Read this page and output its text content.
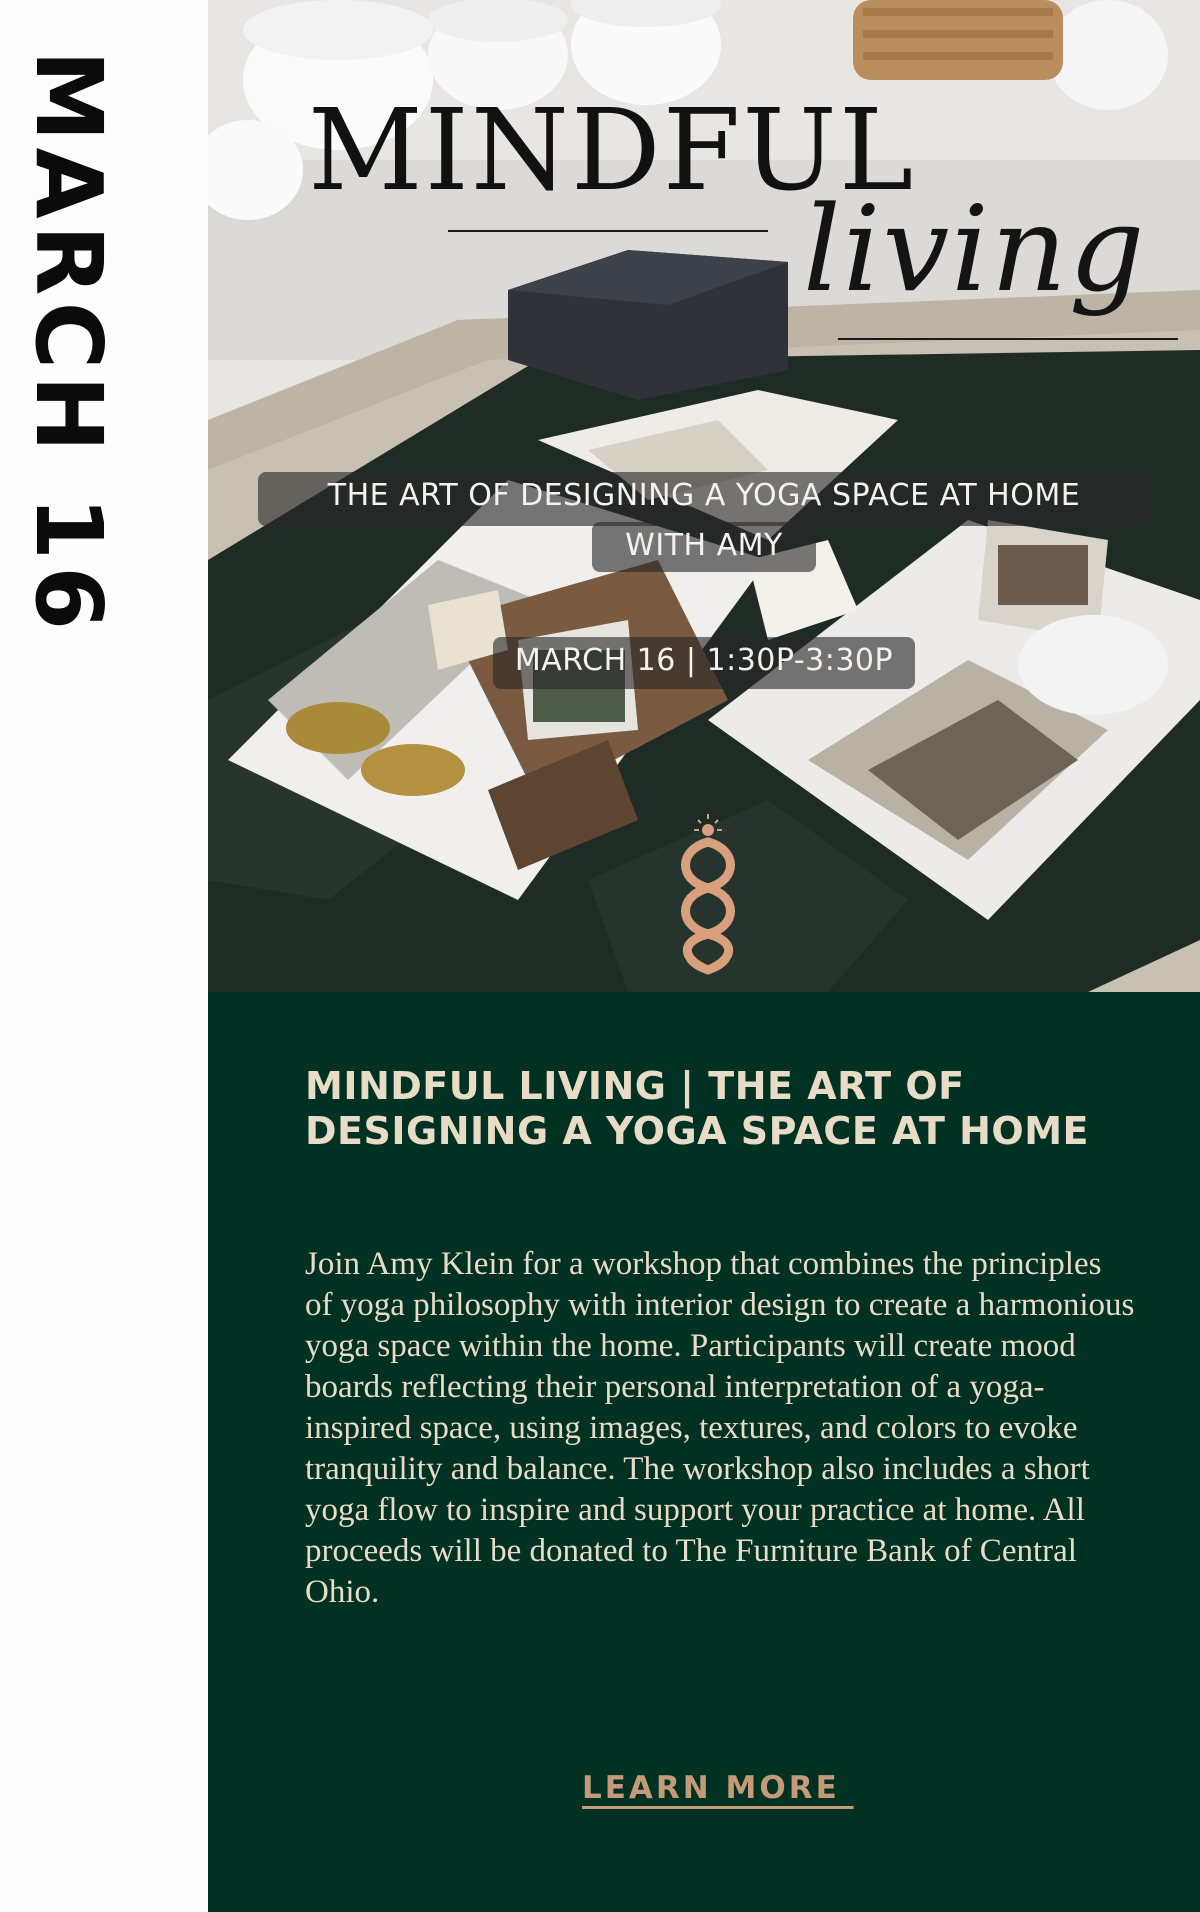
MARCH 16 MINDFUL
living
THE ART OF DESIGNING A YOGA SPACE AT HOME
WITH AMY
MARCH 16 | 1:30P-3:30P
MINDFUL LIVING | THE ART OF DESIGNING A YOGA SPACE AT HOME
Join Amy Klein for a workshop that combines the principles of yoga philosophy with interior design to create a harmonious yoga space within the home. Participants will create mood boards reflecting their personal interpretation of a yoga-inspired space, using images, textures, and colors to evoke tranquility and balance. The workshop also includes a short yoga flow to inspire and support your practice at home. All proceeds will be donated to The Furniture Bank of Central Ohio.
LEARN MORE
